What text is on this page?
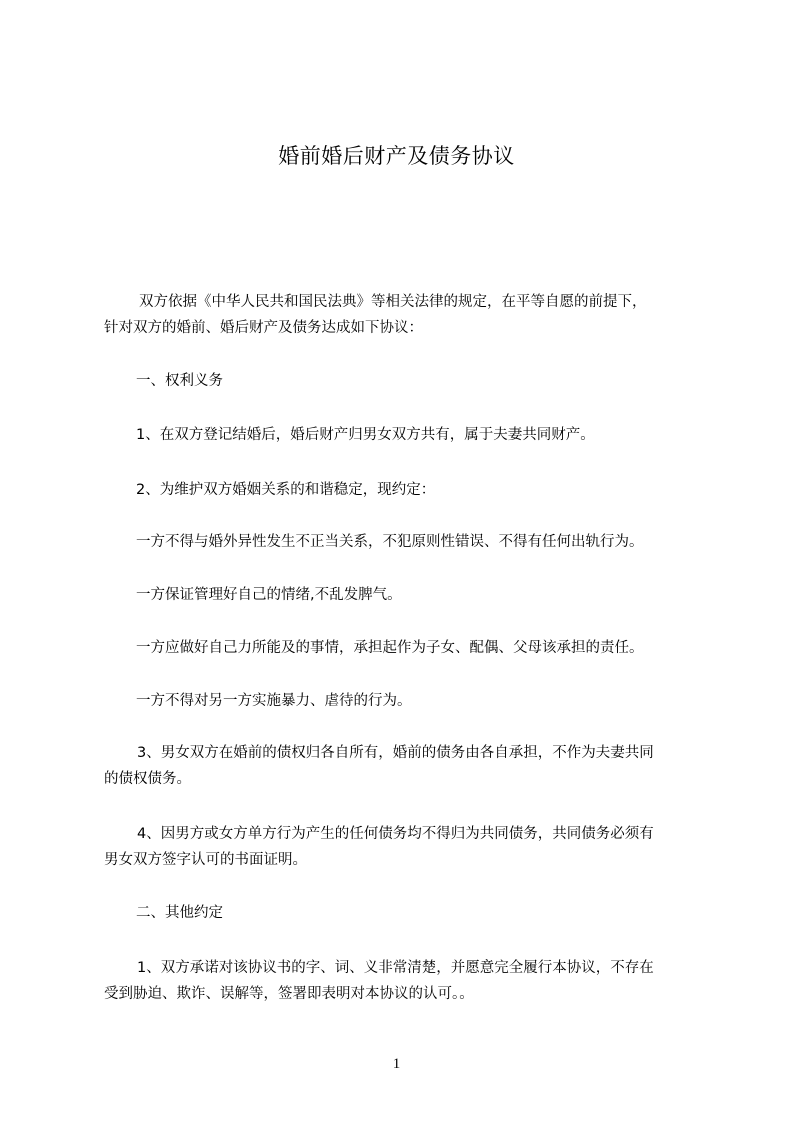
婚前婚后财产及债务协议
双方依据《中华人民共和国民法典》等相关法律的规定，在平等自愿的前提下，
针对双方的婚前、婚后财产及债务达成如下协议：
一、权利义务
1、在双方登记结婚后，婚后财产归男女双方共有，属于夫妻共同财产。
2、为维护双方婚姻关系的和谐稳定，现约定：
一方不得与婚外异性发生不正当关系，不犯原则性错误、不得有任何出轨行为。
一方保证管理好自己的情绪,不乱发脾气。
一方应做好自己力所能及的事情，承担起作为子女、配偶、父母该承担的责任。
一方不得对另一方实施暴力、虐待的行为。
3、男女双方在婚前的债权归各自所有，婚前的债务由各自承担，不作为夫妻共同
的债权债务。
4、因男方或女方单方行为产生的任何债务均不得归为共同债务，共同债务必须有
男女双方签字认可的书面证明。
二、其他约定
1、双方承诺对该协议书的字、词、义非常清楚，并愿意完全履行本协议，不存在
受到胁迫、欺诈、误解等，签署即表明对本协议的认可。。
1
